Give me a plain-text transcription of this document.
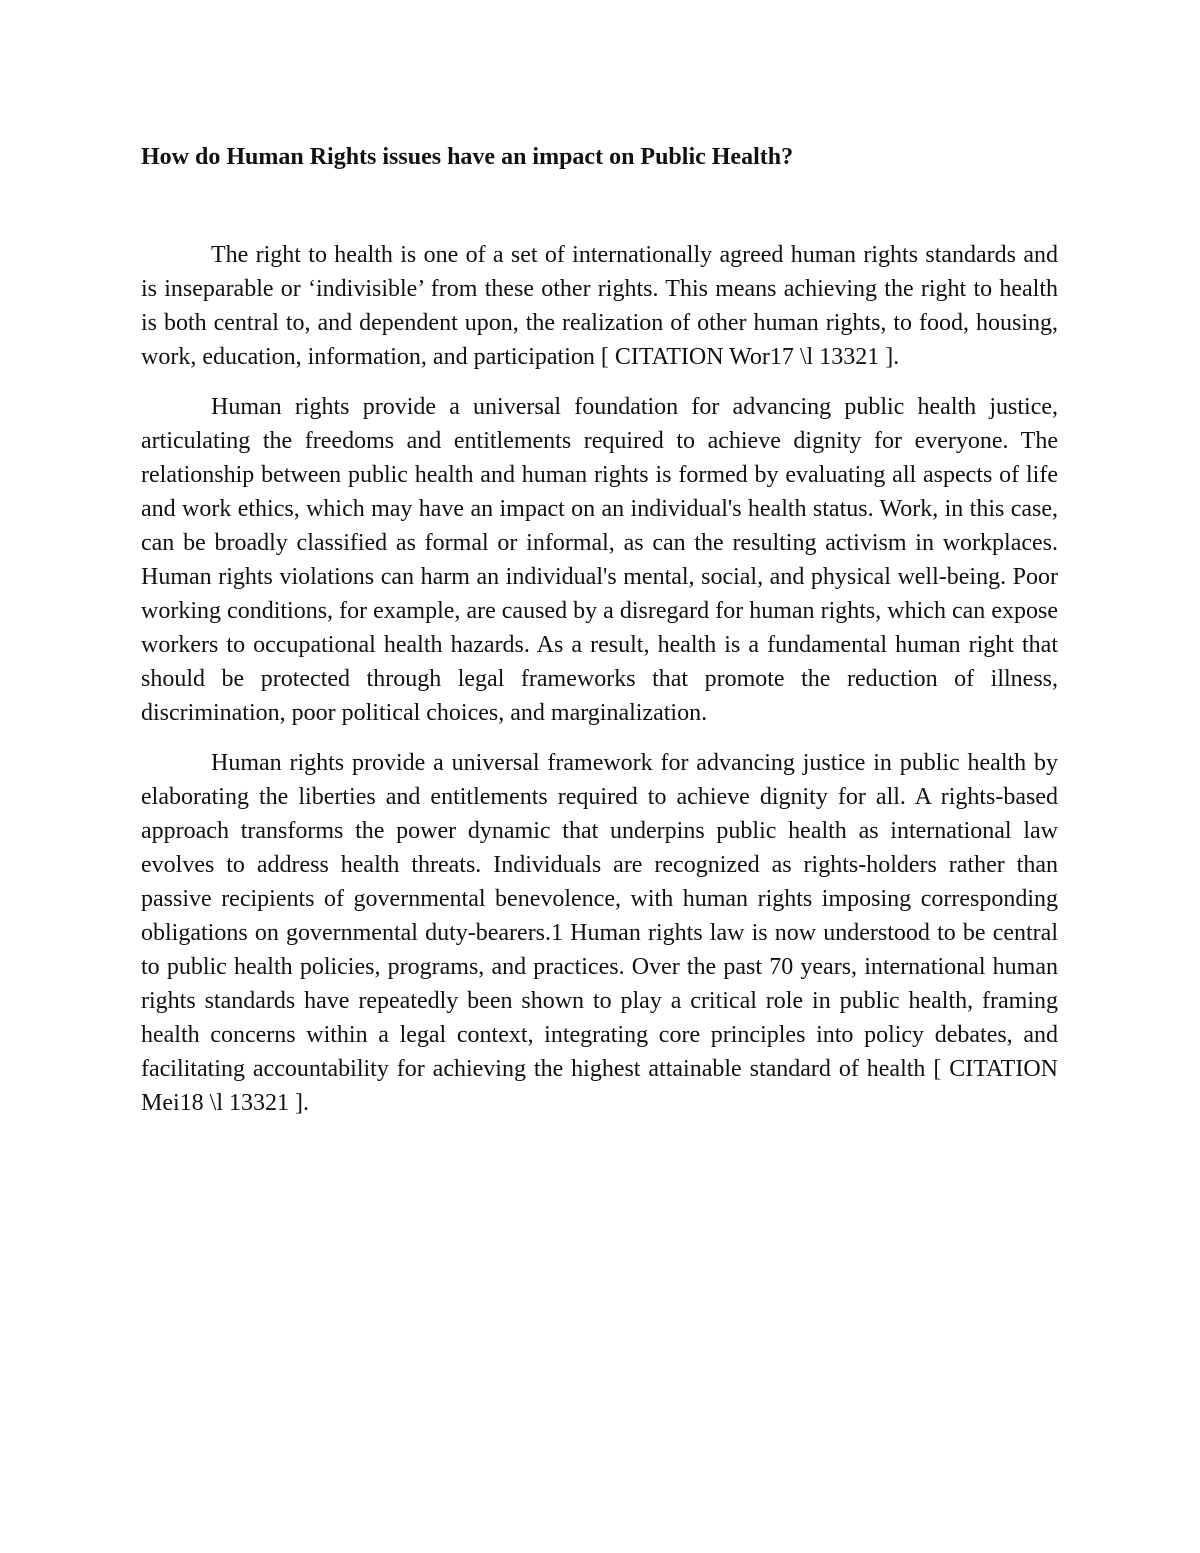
How do Human Rights issues have an impact on Public Health?

The right to health is one of a set of internationally agreed human rights standards and is inseparable or ‘indivisible’ from these other rights. This means achieving the right to health is both central to, and dependent upon, the realization of other human rights, to food, housing, work, education, information, and participation [ CITATION Wor17 \l 13321 ].

Human rights provide a universal foundation for advancing public health justice, articulating the freedoms and entitlements required to achieve dignity for everyone. The relationship between public health and human rights is formed by evaluating all aspects of life and work ethics, which may have an impact on an individual's health status. Work, in this case, can be broadly classified as formal or informal, as can the resulting activism in workplaces. Human rights violations can harm an individual's mental, social, and physical well-being. Poor working conditions, for example, are caused by a disregard for human rights, which can expose workers to occupational health hazards. As a result, health is a fundamental human right that should be protected through legal frameworks that promote the reduction of illness, discrimination, poor political choices, and marginalization.

Human rights provide a universal framework for advancing justice in public health by elaborating the liberties and entitlements required to achieve dignity for all. A rights-based approach transforms the power dynamic that underpins public health as international law evolves to address health threats. Individuals are recognized as rights-holders rather than passive recipients of governmental benevolence, with human rights imposing corresponding obligations on governmental duty-bearers.1 Human rights law is now understood to be central to public health policies, programs, and practices. Over the past 70 years, international human rights standards have repeatedly been shown to play a critical role in public health, framing health concerns within a legal context, integrating core principles into policy debates, and facilitating accountability for achieving the highest attainable standard of health [ CITATION Mei18 \l 13321 ].
